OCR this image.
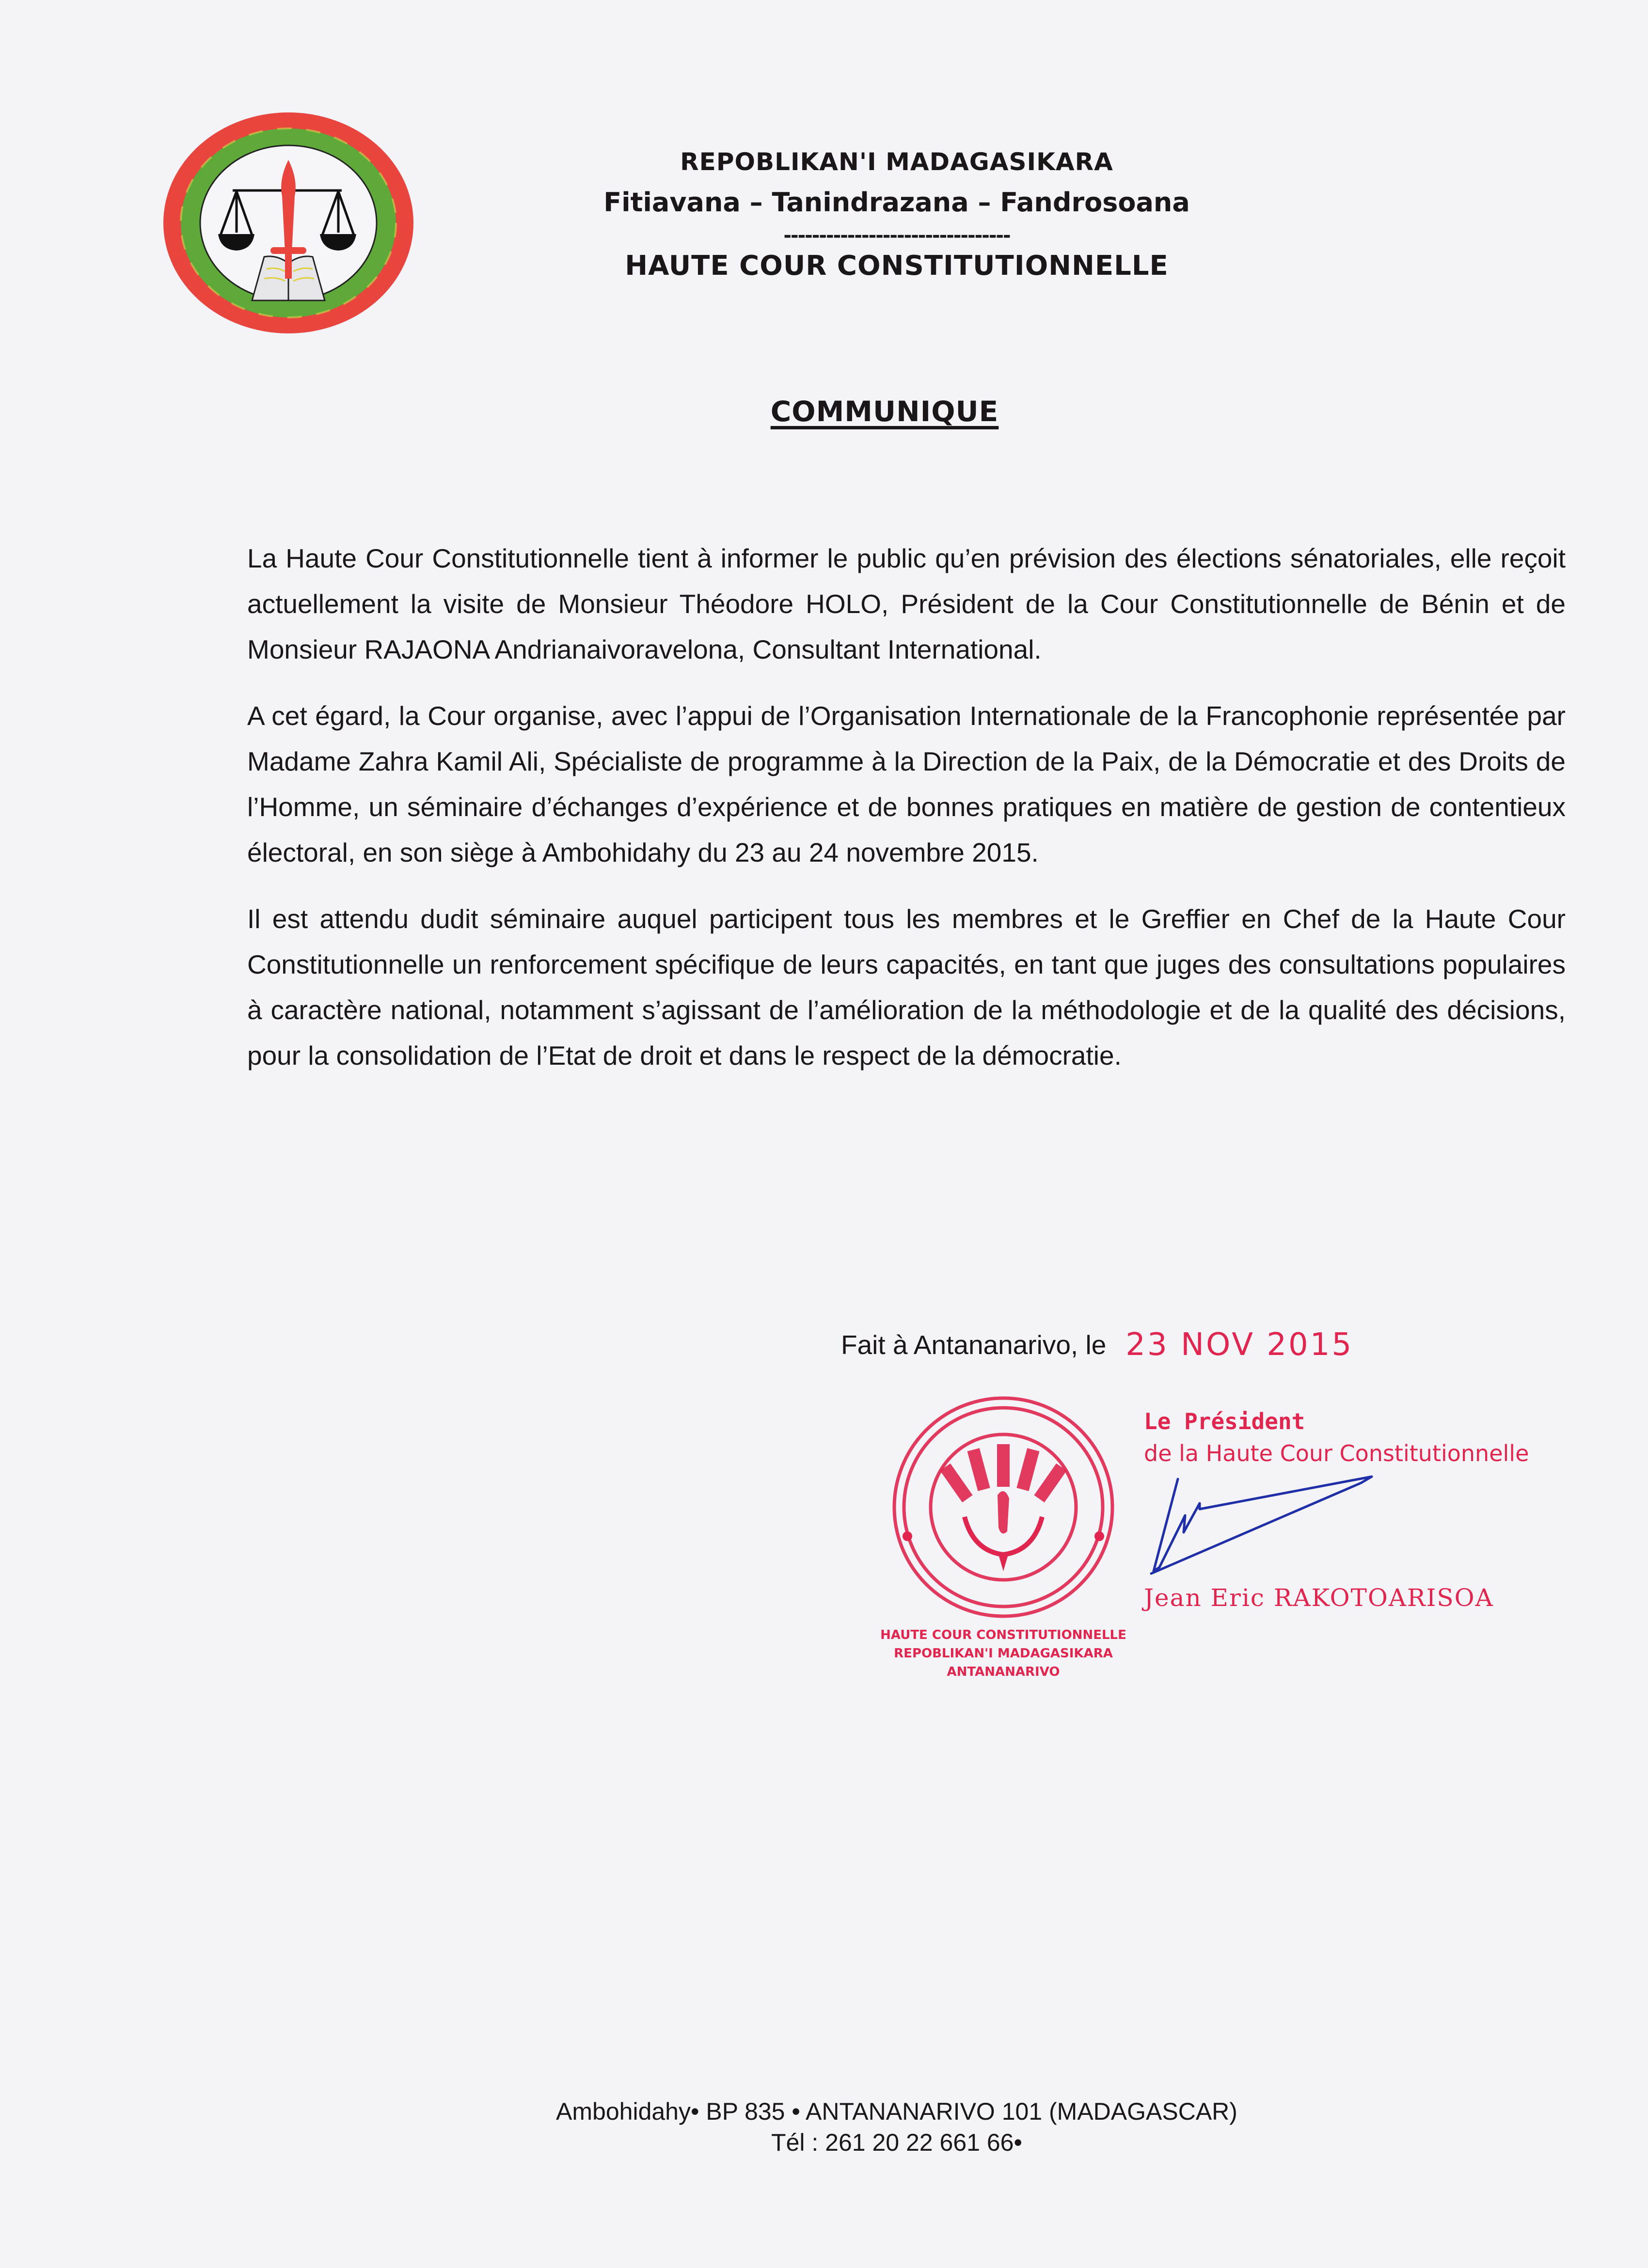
REPOBLIKAN'I MADAGASIKARA
Fitiavana – Tanindrazana – Fandrosoana
--------------------------------
HAUTE COUR CONSTITUTIONNELLE
COMMUNIQUE

La Haute Cour Constitutionnelle tient à informer le public qu’en prévision des élections sénatoriales, elle reçoit actuellement la visite de Monsieur Théodore HOLO, Président de la Cour Constitutionnelle de Bénin et de Monsieur RAJAONA Andrianaivoravelona, Consultant International.

A cet égard, la Cour organise, avec l’appui de l’Organisation Internationale de la Francophonie représentée par Madame Zahra Kamil Ali, Spécialiste de programme à la Direction de la Paix, de la Démocratie et des Droits de l’Homme, un séminaire d’échanges d’expérience et de bonnes pratiques en matière de gestion de contentieux électoral, en son siège à Ambohidahy du 23 au 24 novembre 2015.

Il est attendu dudit séminaire auquel participent tous les membres et le Greffier en Chef de la Haute Cour Constitutionnelle un renforcement spécifique de leurs capacités, en tant que juges des consultations populaires à caractère national, notamment s’agissant de l’amélioration de la méthodologie et de la qualité des décisions, pour la consolidation de l’Etat de droit et dans le respect de la démocratie.

Fait à Antananarivo, le 23 NOV 2015
HAUTE COUR CONSTITUTIONNELLE
REPOBLIKAN'I MADAGASIKARA
ANTANANARIVO
Le Président
de la Haute Cour Constitutionnelle
Jean Eric RAKOTOARISOA
Ambohidahy• BP 835 • ANTANANARIVO 101 (MADAGASCAR)
Tél : 261 20 22 661 66•
